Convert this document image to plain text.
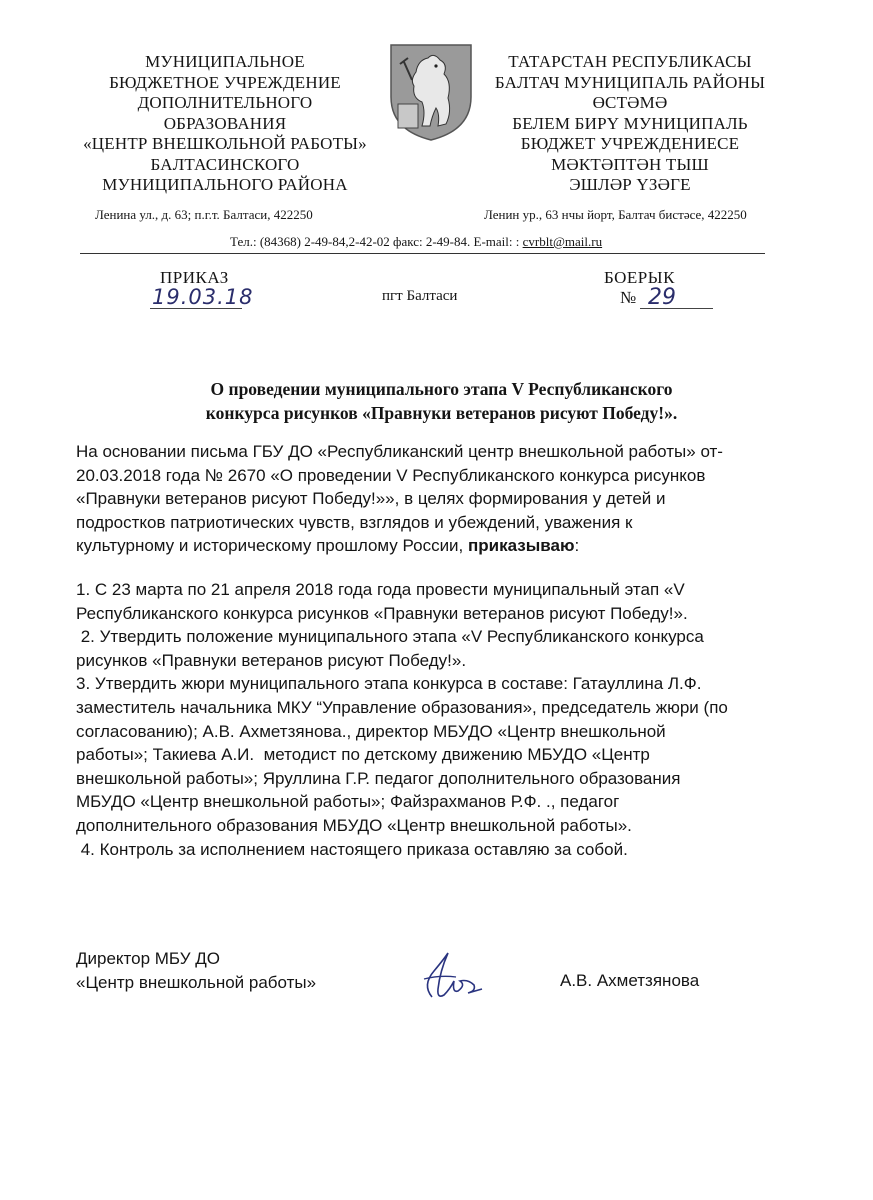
МУНИЦИПАЛЬНОЕ
БЮДЖЕТНОЕ УЧРЕЖДЕНИЕ
ДОПОЛНИТЕЛЬНОГО
ОБРАЗОВАНИЯ
«ЦЕНТР ВНЕШКОЛЬНОЙ РАБОТЫ»
БАЛТАСИНСКОГО
МУНИЦИПАЛЬНОГО РАЙОНА
ТАТАРСТАН РЕСПУБЛИКАСЫ
БАЛТАЧ МУНИЦИПАЛЬ РАЙОНЫ
ӨСТӘМӘ
БЕЛЕМ БИРҮ МУНИЦИПАЛЬ
БЮДЖЕТ УЧРЕЖДЕНИЕСЕ
МӘКТӘПТӘН ТЫШ
ЭШЛӘР ҮЗӘГЕ
Ленина ул., д. 63; п.г.т. Балтаси, 422250	Ленин ур., 63 нчы йорт, Балтач бистәсе, 422250
Тел.: (84368) 2-49-84,2-42-02 факс: 2-49-84. E-mail: : cvrblt@mail.ru
ПРИКАЗ
19.03.18	пгт Балтаси
БОЕРЫК
№ 29
О проведении муниципального этапа V Республиканского
конкурса рисунков «Правнуки ветеранов рисуют Победу!».
На основании письма ГБУ ДО «Республиканский центр внешкольной работы» от-
20.03.2018 года № 2670 «О проведении V Республиканского конкурса рисунков
«Правнуки ветеранов рисуют Победу!»», в целях формирования у детей и
подростков патриотических чувств, взглядов и убеждений, уважения к
культурному и историческому прошлому России, приказываю:
1. С 23 марта по 21 апреля 2018 года года провести муниципальный этап «V
Республиканского конкурса рисунков «Правнуки ветеранов рисуют Победу!».
2. Утвердить положение муниципального этапа «V Республиканского конкурса
рисунков «Правнуки ветеранов рисуют Победу!».
3. Утвердить жюри муниципального этапа конкурса в составе: Гатауллина Л.Ф.
заместитель начальника МКУ “Управление образования», председатель жюри (по
согласованию); А.В. Ахметзянова., директор МБУДО «Центр внешкольной
работы»; Такиева А.И.  методист по детскому движению МБУДО «Центр
внешкольной работы»; Яруллина Г.Р. педагог дополнительного образования
МБУДО «Центр внешкольной работы»; Файзрахманов Р.Ф. ., педагог
дополнительного образования МБУДО «Центр внешкольной работы».
4. Контроль за исполнением настоящего приказа оставляю за собой.
Директор МБУ ДО
«Центр внешкольной работы»	А.В. Ахметзянова
